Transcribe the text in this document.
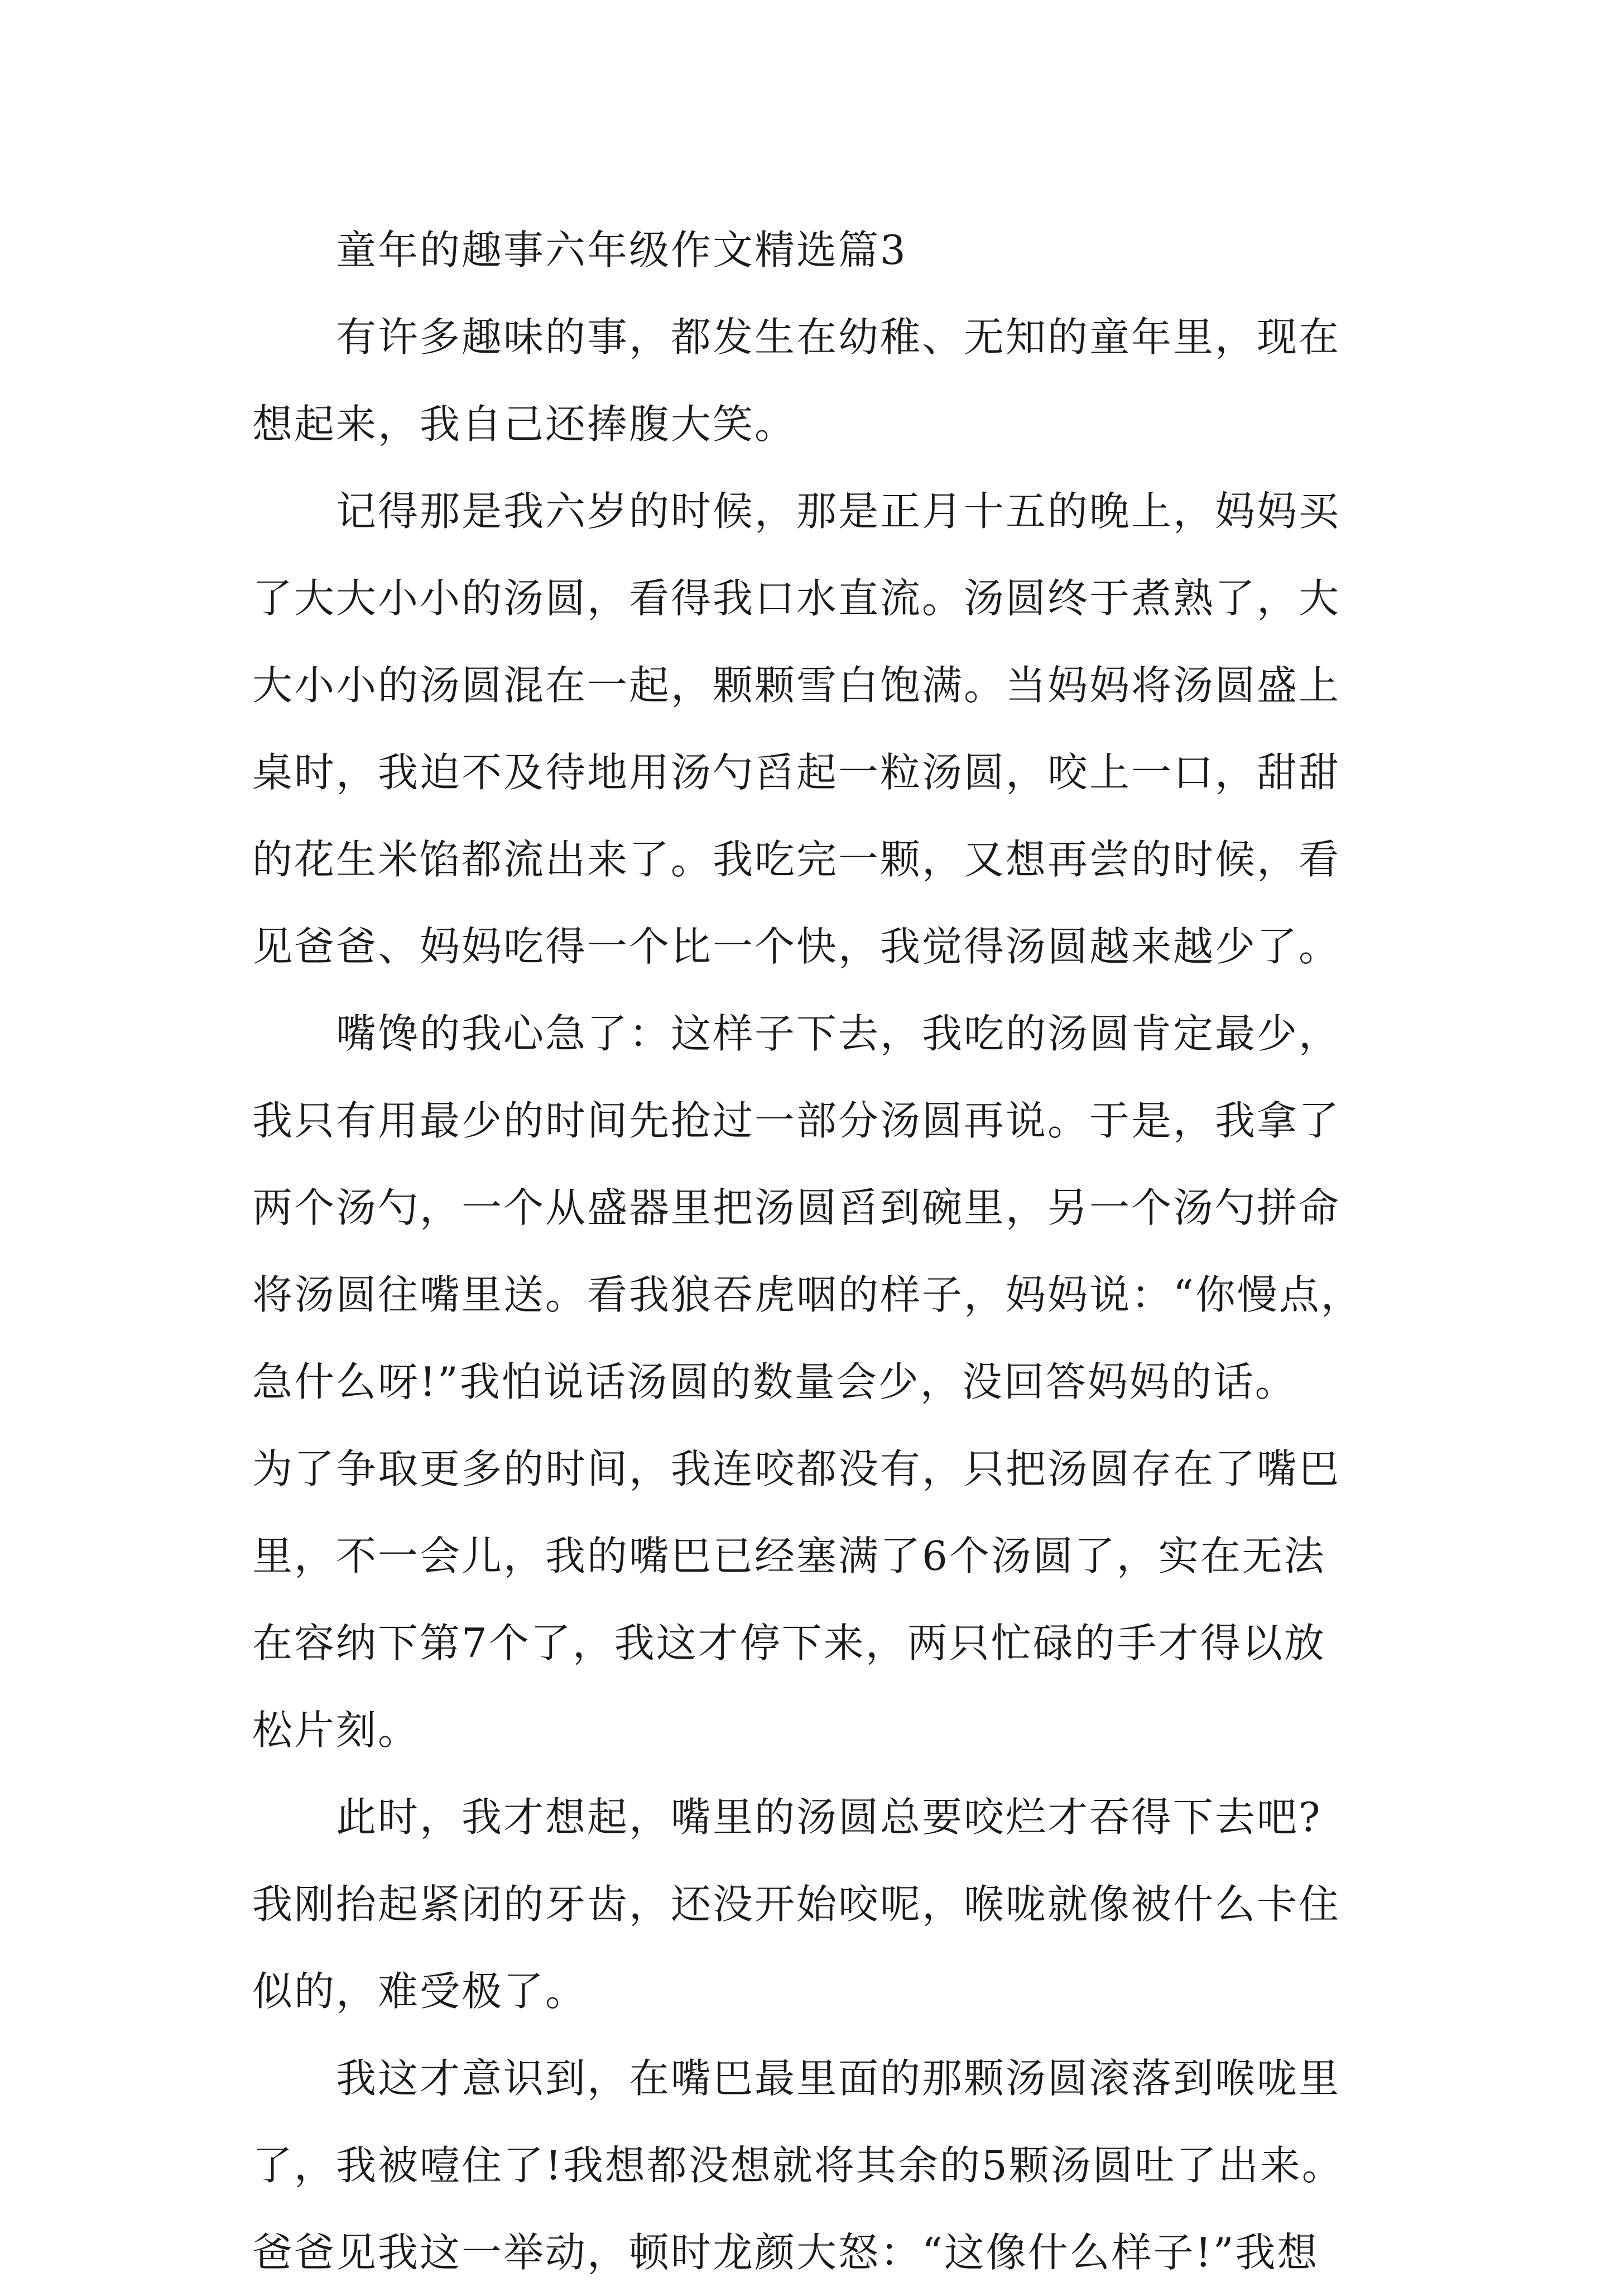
童年的趣事六年级作文精选篇3
有许多趣味的事，都发生在幼稚、无知的童年里，现在
想起来，我自己还捧腹大笑。
记得那是我六岁的时候，那是正月十五的晚上，妈妈买
了大大小小的汤圆，看得我口水直流。汤圆终于煮熟了，大
大小小的汤圆混在一起，颗颗雪白饱满。当妈妈将汤圆盛上
桌时，我迫不及待地用汤勺舀起一粒汤圆，咬上一口，甜甜
的花生米馅都流出来了。我吃完一颗，又想再尝的时候，看
见爸爸、妈妈吃得一个比一个快，我觉得汤圆越来越少了。
嘴馋的我心急了：这样子下去，我吃的汤圆肯定最少，
我只有用最少的时间先抢过一部分汤圆再说。于是，我拿了
两个汤勺，一个从盛器里把汤圆舀到碗里，另一个汤勺拼命
将汤圆往嘴里送。看我狼吞虎咽的样子，妈妈说：“你慢点，
急什么呀!”我怕说话汤圆的数量会少，没回答妈妈的话。
为了争取更多的时间，我连咬都没有，只把汤圆存在了嘴巴
里，不一会儿，我的嘴巴已经塞满了6个汤圆了，实在无法
在容纳下第7个了，我这才停下来，两只忙碌的手才得以放
松片刻。
此时，我才想起，嘴里的汤圆总要咬烂才吞得下去吧?
我刚抬起紧闭的牙齿，还没开始咬呢，喉咙就像被什么卡住
似的，难受极了。
我这才意识到，在嘴巴最里面的那颗汤圆滚落到喉咙里
了，我被噎住了!我想都没想就将其余的5颗汤圆吐了出来。
爸爸见我这一举动，顿时龙颜大怒：“这像什么样子!”我想
